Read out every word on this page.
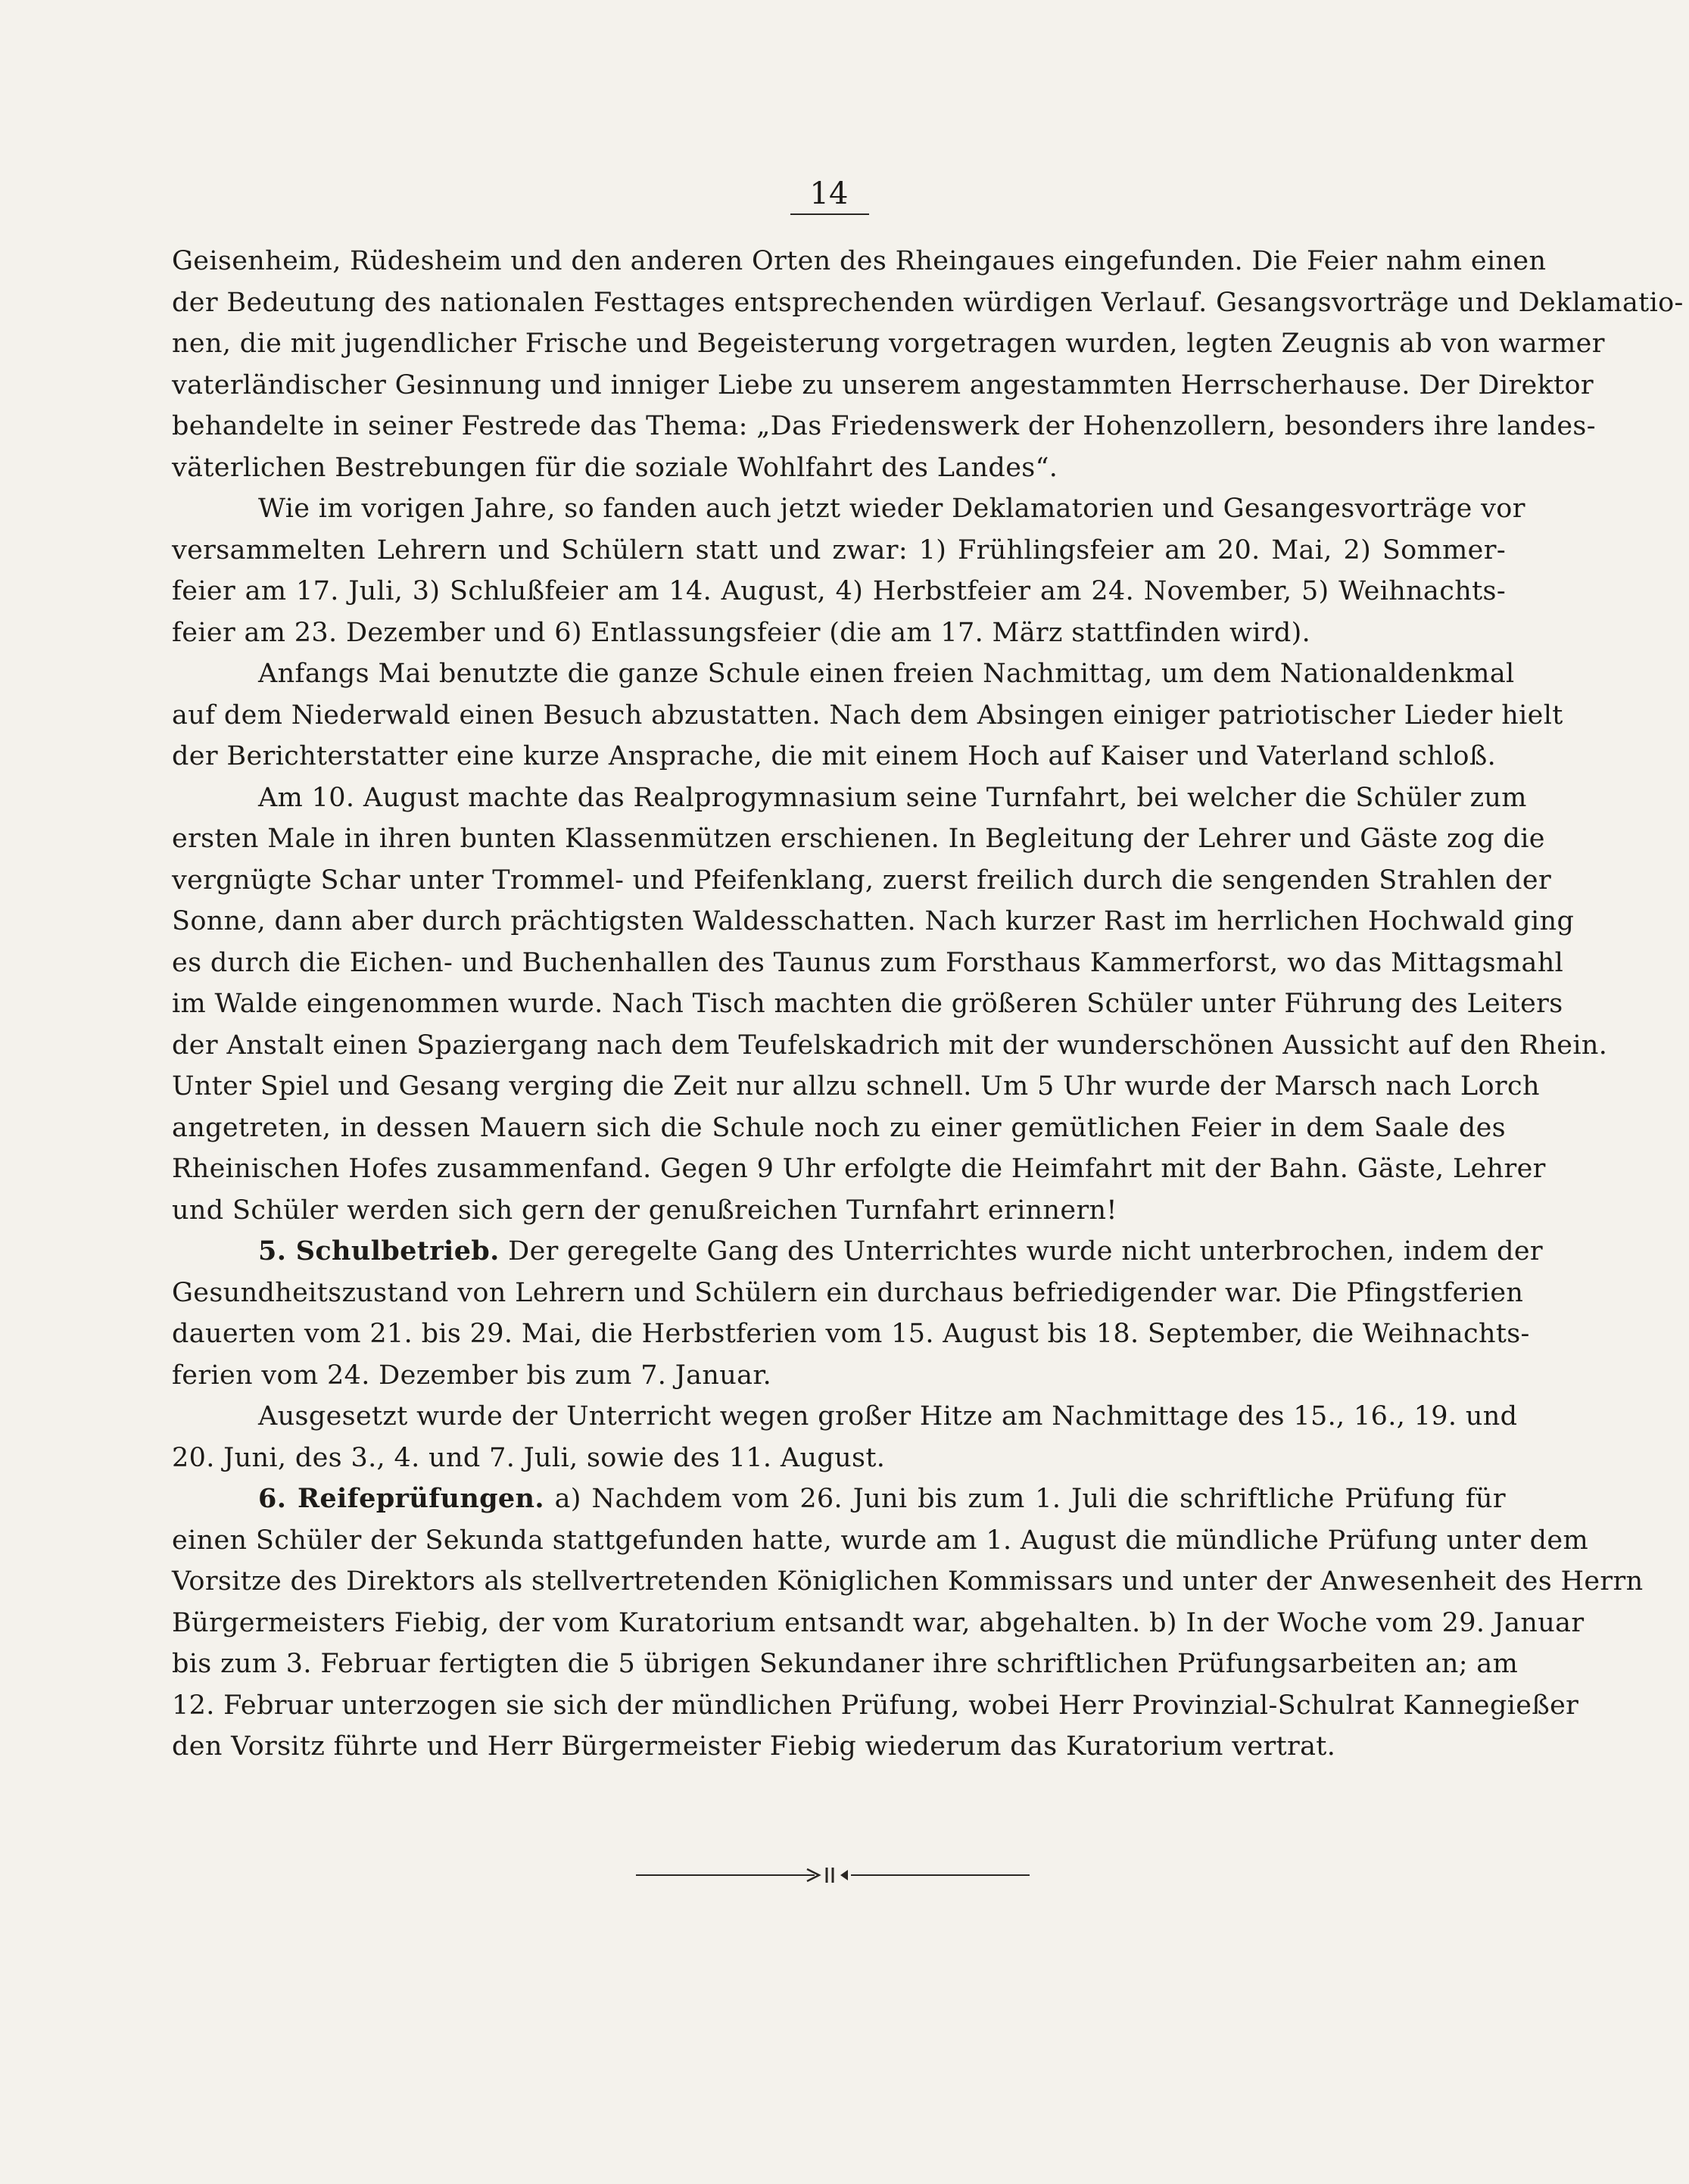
14
Geisenheim, Rüdesheim und den anderen Orten des Rheingaues eingefunden. Die Feier nahm einen
der Bedeutung des nationalen Festtages entsprechenden würdigen Verlauf. Gesangsvorträge und Deklamatio-
nen, die mit jugendlicher Frische und Begeisterung vorgetragen wurden, legten Zeugnis ab von warmer
vaterländischer Gesinnung und inniger Liebe zu unserem angestammten Herrscherhause. Der Direktor
behandelte in seiner Festrede das Thema: „Das Friedenswerk der Hohenzollern, besonders ihre landes-
väterlichen Bestrebungen für die soziale Wohlfahrt des Landes“.
Wie im vorigen Jahre, so fanden auch jetzt wieder Deklamatorien und Gesangesvorträge vor
versammelten Lehrern und Schülern statt und zwar: 1) Frühlingsfeier am 20. Mai, 2) Sommer-
feier am 17. Juli, 3) Schlußfeier am 14. August, 4) Herbstfeier am 24. November, 5) Weihnachts-
feier am 23. Dezember und 6) Entlassungsfeier (die am 17. März stattfinden wird).
Anfangs Mai benutzte die ganze Schule einen freien Nachmittag, um dem Nationaldenkmal
auf dem Niederwald einen Besuch abzustatten. Nach dem Absingen einiger patriotischer Lieder hielt
der Berichterstatter eine kurze Ansprache, die mit einem Hoch auf Kaiser und Vaterland schloß.
Am 10. August machte das Realprogymnasium seine Turnfahrt, bei welcher die Schüler zum
ersten Male in ihren bunten Klassenmützen erschienen. In Begleitung der Lehrer und Gäste zog die
vergnügte Schar unter Trommel- und Pfeifenklang, zuerst freilich durch die sengenden Strahlen der
Sonne, dann aber durch prächtigsten Waldesschatten. Nach kurzer Rast im herrlichen Hochwald ging
es durch die Eichen- und Buchenhallen des Taunus zum Forsthaus Kammerforst, wo das Mittagsmahl
im Walde eingenommen wurde. Nach Tisch machten die größeren Schüler unter Führung des Leiters
der Anstalt einen Spaziergang nach dem Teufelskadrich mit der wunderschönen Aussicht auf den Rhein.
Unter Spiel und Gesang verging die Zeit nur allzu schnell. Um 5 Uhr wurde der Marsch nach Lorch
angetreten, in dessen Mauern sich die Schule noch zu einer gemütlichen Feier in dem Saale des
Rheinischen Hofes zusammenfand. Gegen 9 Uhr erfolgte die Heimfahrt mit der Bahn. Gäste, Lehrer
und Schüler werden sich gern der genußreichen Turnfahrt erinnern!
5. Schulbetrieb. Der geregelte Gang des Unterrichtes wurde nicht unterbrochen, indem der
Gesundheitszustand von Lehrern und Schülern ein durchaus befriedigender war. Die Pfingstferien
dauerten vom 21. bis 29. Mai, die Herbstferien vom 15. August bis 18. September, die Weihnachts-
ferien vom 24. Dezember bis zum 7. Januar.
Ausgesetzt wurde der Unterricht wegen großer Hitze am Nachmittage des 15., 16., 19. und
20. Juni, des 3., 4. und 7. Juli, sowie des 11. August.
6. Reifeprüfungen. a) Nachdem vom 26. Juni bis zum 1. Juli die schriftliche Prüfung für
einen Schüler der Sekunda stattgefunden hatte, wurde am 1. August die mündliche Prüfung unter dem
Vorsitze des Direktors als stellvertretenden Königlichen Kommissars und unter der Anwesenheit des Herrn
Bürgermeisters Fiebig, der vom Kuratorium entsandt war, abgehalten. b) In der Woche vom 29. Januar
bis zum 3. Februar fertigten die 5 übrigen Sekundaner ihre schriftlichen Prüfungsarbeiten an; am
12. Februar unterzogen sie sich der mündlichen Prüfung, wobei Herr Provinzial-Schulrat Kannegießer
den Vorsitz führte und Herr Bürgermeister Fiebig wiederum das Kuratorium vertrat.
